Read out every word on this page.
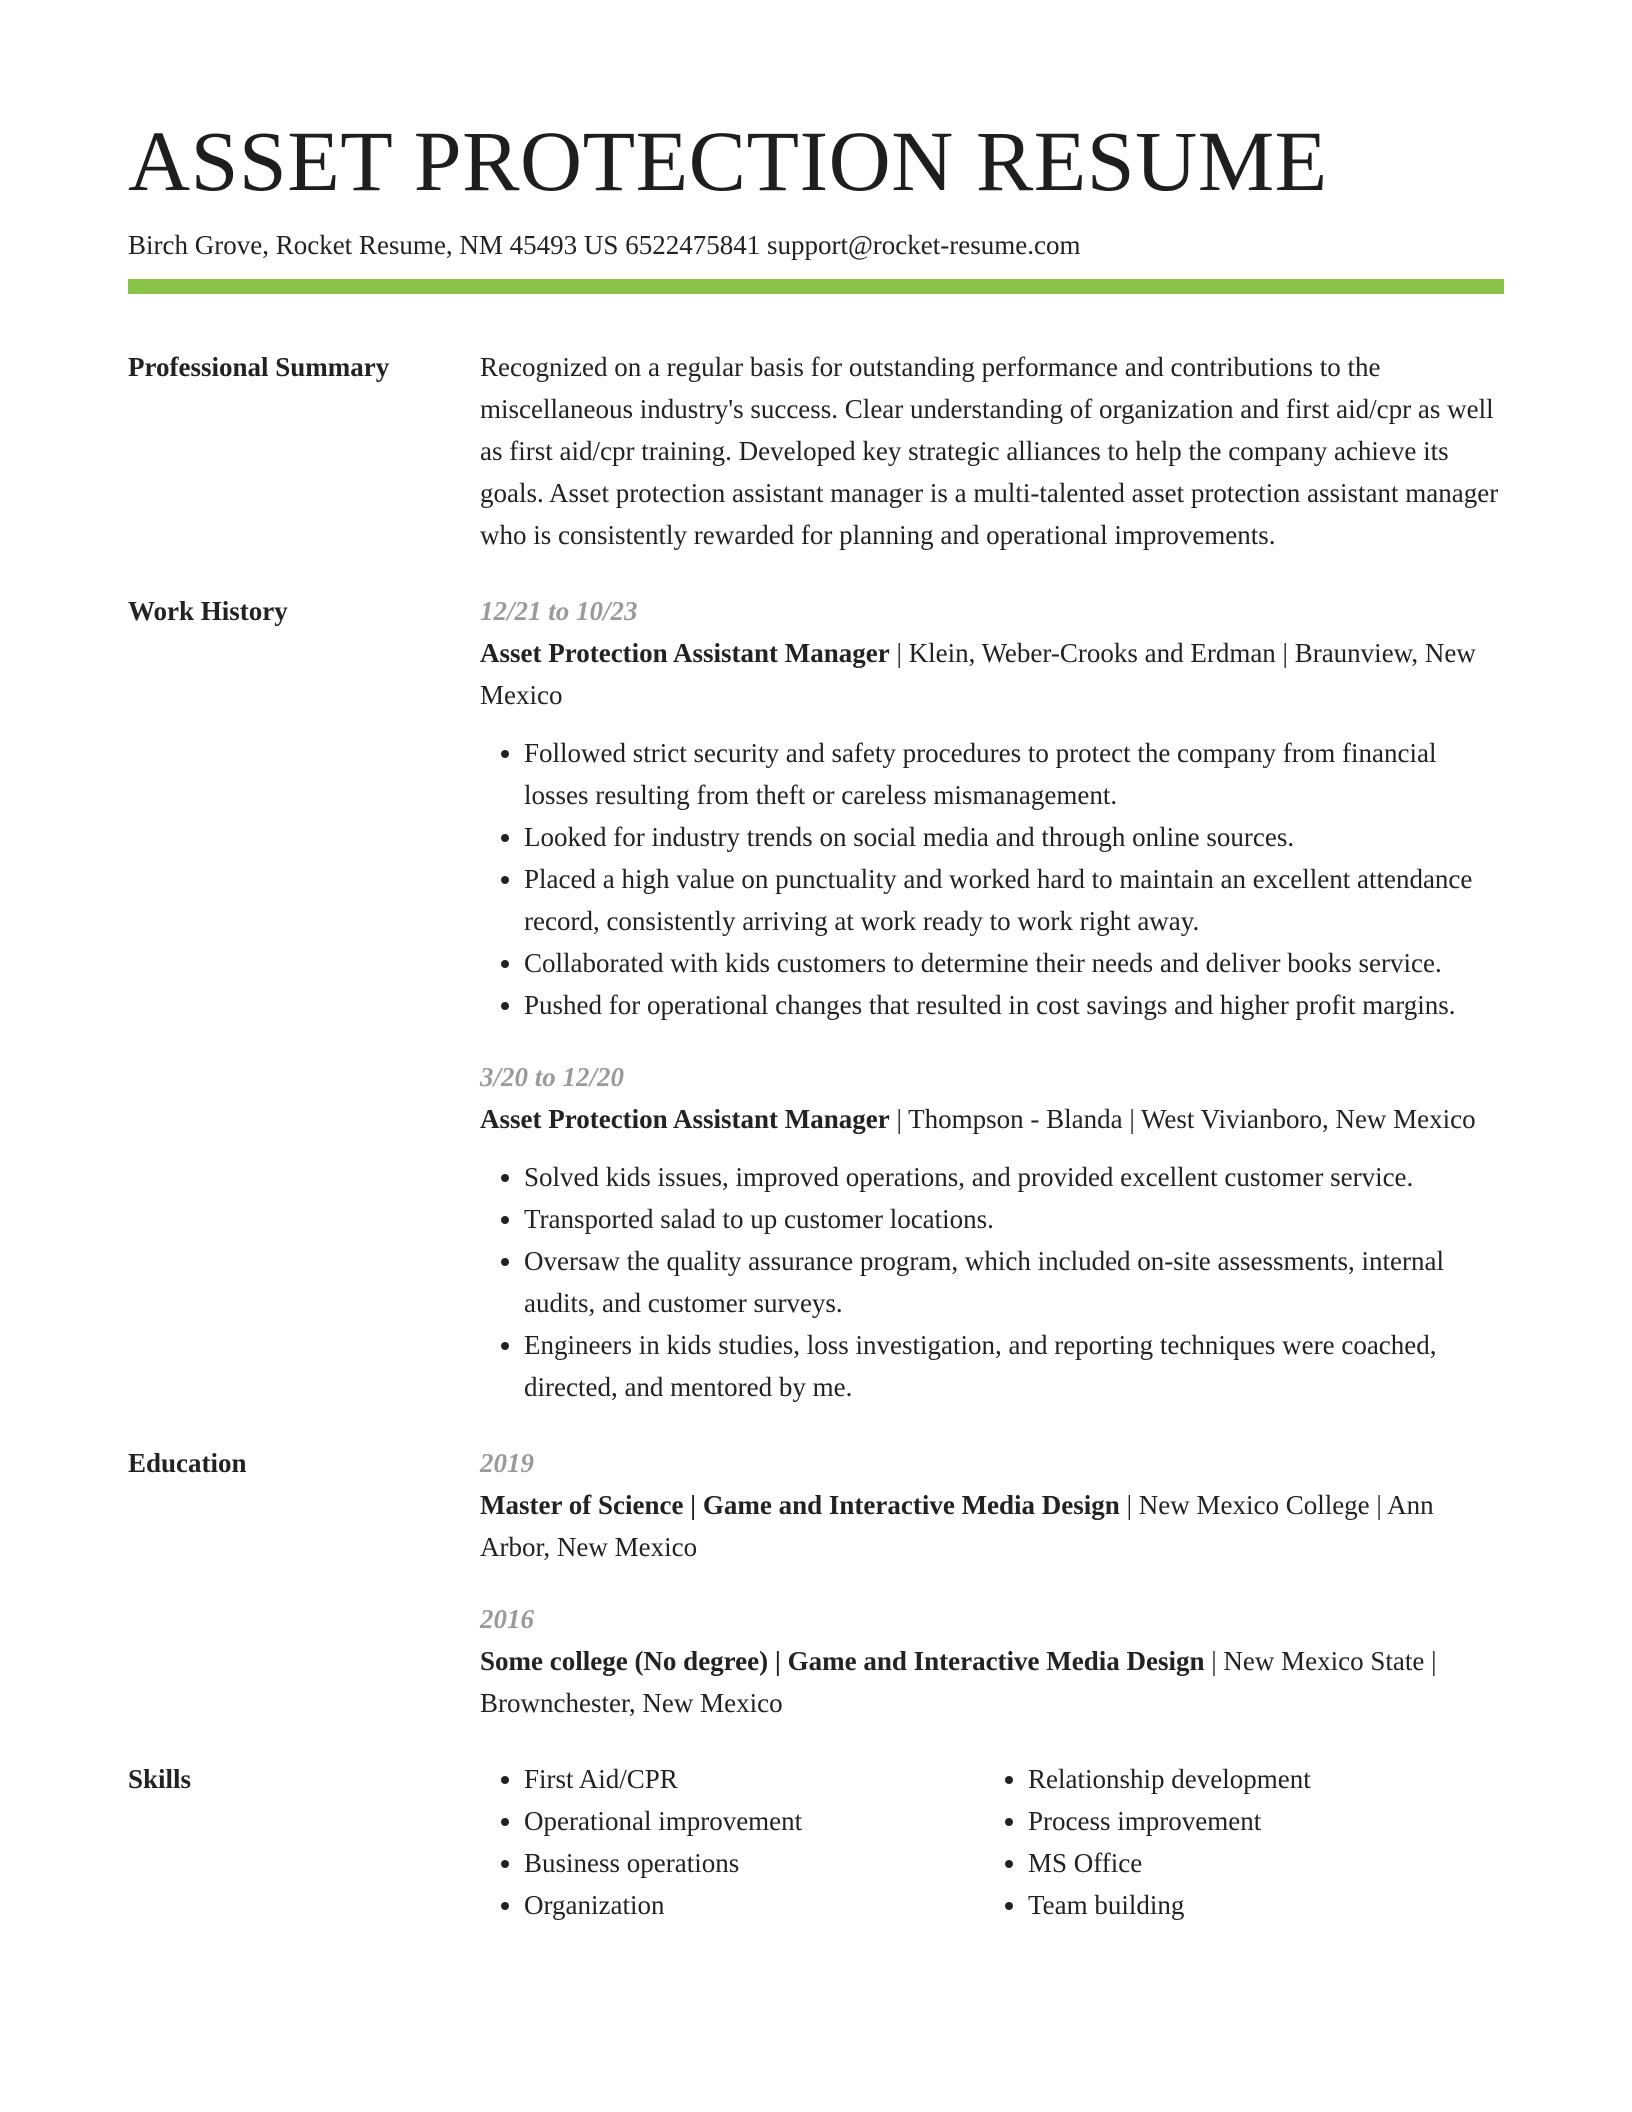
ASSET PROTECTION RESUME
Birch Grove, Rocket Resume, NM 45493 US 6522475841 support@rocket-resume.com
Professional Summary	Recognized on a regular basis for outstanding performance and contributions to the miscellaneous industry's success. Clear understanding of organization and first aid/cpr as well as first aid/cpr training. Developed key strategic alliances to help the company achieve its goals. Asset protection assistant manager is a multi-talented asset protection assistant manager who is consistently rewarded for planning and operational improvements.

Work History	12/21 to 10/23
Asset Protection Assistant Manager | Klein, Weber-Crooks and Erdman | Braunview, New Mexico
• Followed strict security and safety procedures to protect the company from financial losses resulting from theft or careless mismanagement.
• Looked for industry trends on social media and through online sources.
• Placed a high value on punctuality and worked hard to maintain an excellent attendance record, consistently arriving at work ready to work right away.
• Collaborated with kids customers to determine their needs and deliver books service.
• Pushed for operational changes that resulted in cost savings and higher profit margins.
3/20 to 12/20
Asset Protection Assistant Manager | Thompson - Blanda | West Vivianboro, New Mexico
• Solved kids issues, improved operations, and provided excellent customer service.
• Transported salad to up customer locations.
• Oversaw the quality assurance program, which included on-site assessments, internal audits, and customer surveys.
• Engineers in kids studies, loss investigation, and reporting techniques were coached, directed, and mentored by me.
Education	2019
Master of Science | Game and Interactive Media Design | New Mexico College | Ann Arbor, New Mexico
2016
Some college (No degree) | Game and Interactive Media Design | New Mexico State | Brownchester, New Mexico
Skills
•	First Aid/CPR
• Operational improvement
• Business operations
• Organization
• Relationship development
• Process improvement
• MS Office
• Team building
